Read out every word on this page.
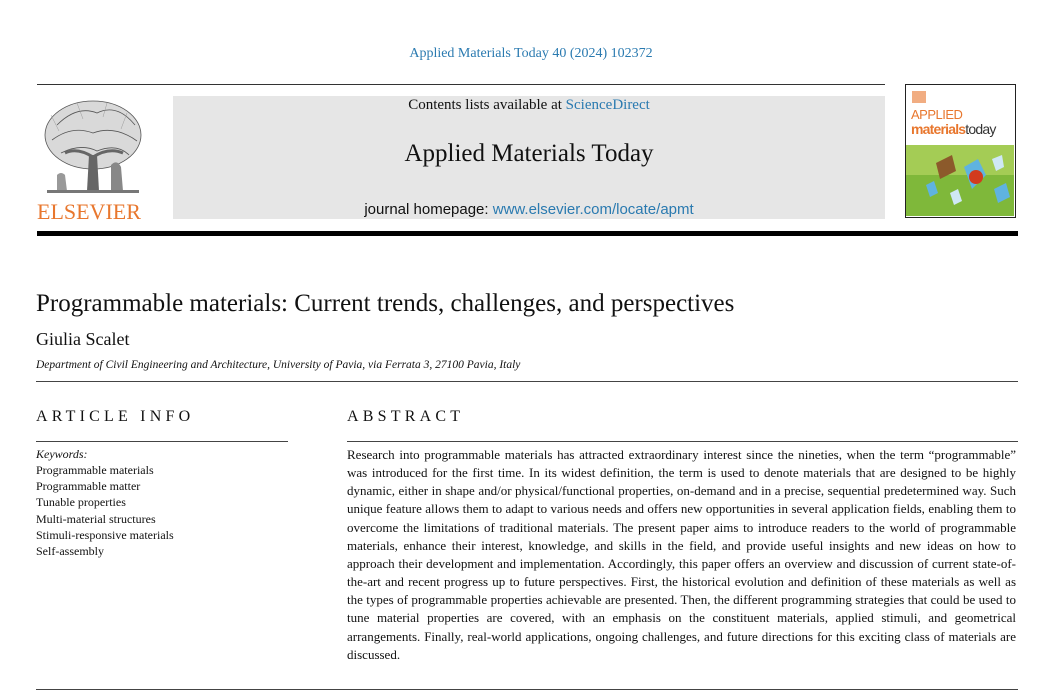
Applied Materials Today 40 (2024) 102372
ELSEVIER
Contents lists available at ScienceDirect
Applied Materials Today
journal homepage: www.elsevier.com/locate/apmt
APPLIED
materialstoday
Programmable materials: Current trends, challenges, and perspectives
Giulia Scalet
Department of Civil Engineering and Architecture, University of Pavia, via Ferrata 3, 27100 Pavia, Italy
ARTICLE INFO
Keywords:
Programmable materials
Programmable matter
Tunable properties
Multi-material structures
Stimuli-responsive materials
Self-assembly
ABSTRACT

Research into programmable materials has attracted extraordinary interest since the nineties, when the term “programmable” was introduced for the first time. In its widest definition, the term is used to denote materials that are designed to be highly dynamic, either in shape and/or physical/functional properties, on-demand and in a precise, sequential predetermined way. Such unique feature allows them to adapt to various needs and offers new opportunities in several application fields, enabling them to overcome the limitations of traditional materials. The present paper aims to introduce readers to the world of programmable materials, enhance their interest, knowledge, and skills in the field, and provide useful insights and new ideas on how to approach their development and implementation. Accordingly, this paper offers an overview and discussion of current state-of-the-art and recent progress up to future perspectives. First, the historical evolution and definition of these materials as well as the types of programmable properties achievable are presented. Then, the different programming strategies that could be used to tune material properties are covered, with an emphasis on the constituent materials, applied stimuli, and geometrical arrangements. Finally, real-world applications, ongoing challenges, and future directions for this exciting class of materials are discussed.
